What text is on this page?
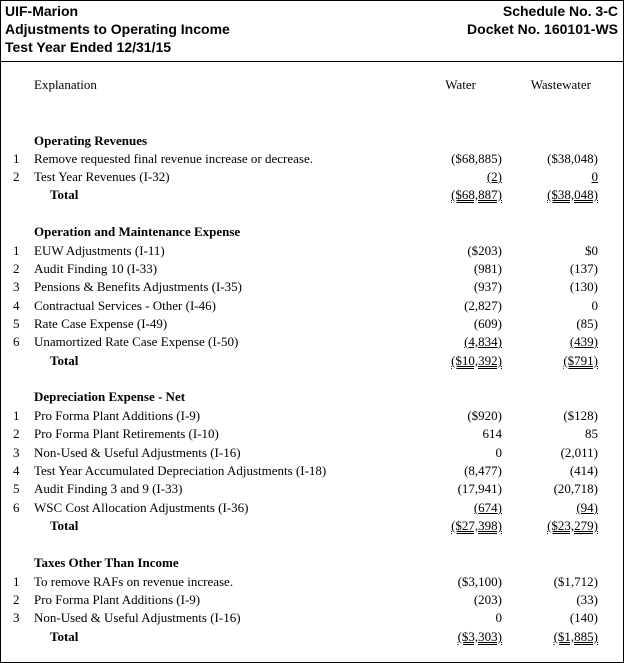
UIF-Marion
Adjustments to Operating Income
Test Year Ended 12/31/15
Schedule No. 3-C
Docket No. 160101-WS
Explanation	Water	Wastewater
Operating Revenues
1 Remove requested final revenue increase or decrease.	($68,885)	($38,048)
2 Test Year Revenues (I-32)	(2)	0
Total	($68,887)	($38,048)
Operation and Maintenance Expense
1 EUW Adjustments (I-11)	($203)	$0
2 Audit Finding 10 (I-33)	(981)	(137)
3 Pensions & Benefits Adjustments (I-35)	(937)	(130)
4 Contractual Services - Other (I-46)	(2,827)	0
5 Rate Case Expense (I-49)	(609)	(85)
6 Unamortized Rate Case Expense (I-50)	(4,834)	(439)
Total	($10,392)	($791)
Depreciation Expense - Net
1 Pro Forma Plant Additions (I-9)	($920)	($128)
2 Pro Forma Plant Retirements (I-10)	614	85
3 Non-Used & Useful Adjustments (I-16)	0	(2,011)
4 Test Year Accumulated Depreciation Adjustments (I-18)	(8,477)	(414)
5 Audit Finding 3 and 9 (I-33)	(17,941)	(20,718)
6 WSC Cost Allocation Adjustments (I-36)	(674)	(94)
Total	($27,398)	($23,279)
Taxes Other Than Income
1 To remove RAFs on revenue increase.	($3,100)	($1,712)
2 Pro Forma Plant Additions (I-9)	(203)	(33)
3 Non-Used & Useful Adjustments (I-16)	0	(140)
Total	($3,303)	($1,885)
